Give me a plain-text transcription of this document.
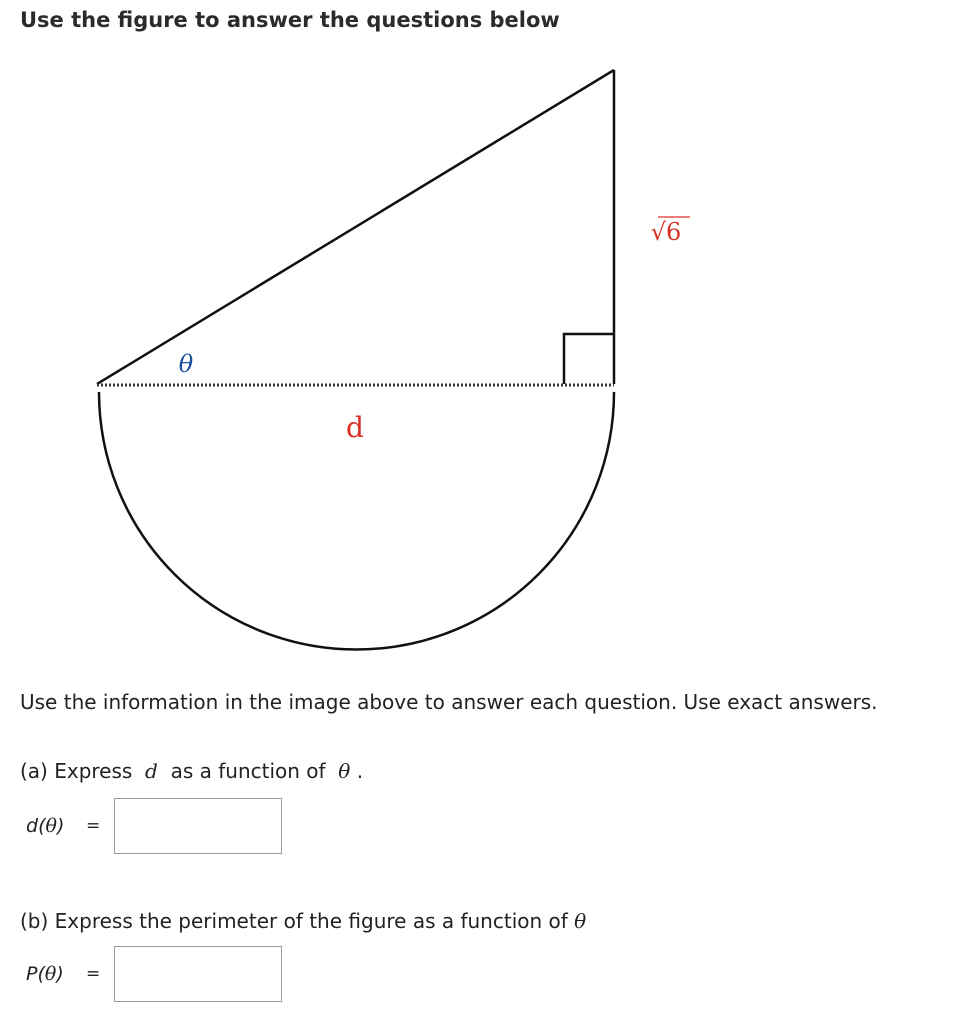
Use the figure to answer the questions below
θ
√6
d
Use the information in the image above to answer each question. Use exact answers.
(a) Express d as a function of θ .
d(θ)	=
(b) Express the perimeter of the figure as a function of θ
P(θ)	=
